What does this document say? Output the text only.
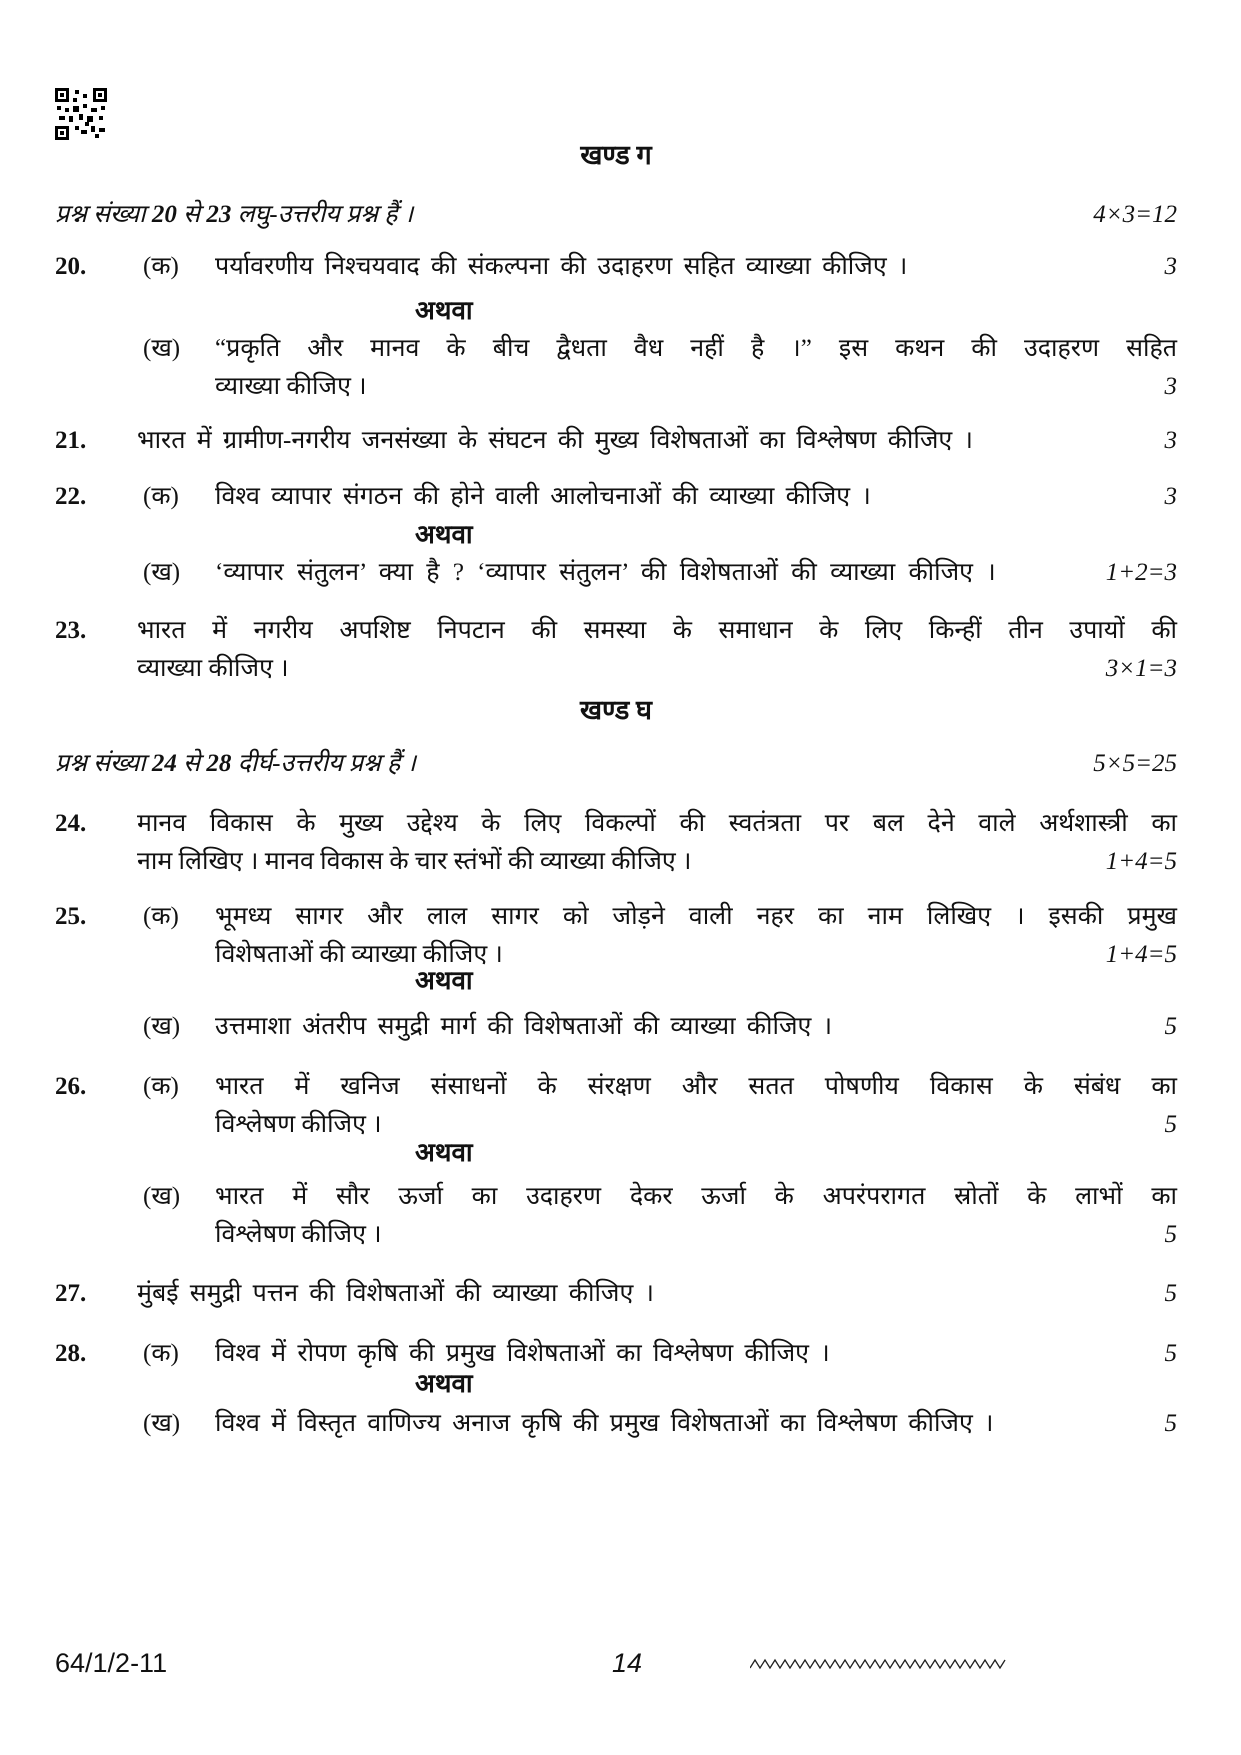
खण्ड ग
प्रश्न संख्या 20 से 23 लघु-उत्तरीय प्रश्न हैं ।	4×3=12
20.	(क)	पर्यावरणीय निश्चयवाद की संकल्पना की उदाहरण सहित व्याख्या कीजिए ।	3
अथवा
(ख)	“प्रकृति और मानव के बीच द्वैधता वैध नहीं है ।” इस कथन की उदाहरण सहित
व्याख्या कीजिए ।	3
21.	भारत में ग्रामीण-नगरीय जनसंख्या के संघटन की मुख्य विशेषताओं का विश्लेषण कीजिए ।	3
22.	(क)	विश्व व्यापार संगठन की होने वाली आलोचनाओं की व्याख्या कीजिए ।	3
अथवा
(ख)	‘व्यापार संतुलन’ क्या है ? ‘व्यापार संतुलन’ की विशेषताओं की व्याख्या कीजिए ।	1+2=3
23.	भारत में नगरीय अपशिष्ट निपटान की समस्या के समाधान के लिए किन्हीं तीन उपायों की
व्याख्या कीजिए ।	3×1=3
खण्ड घ
प्रश्न संख्या 24 से 28 दीर्घ-उत्तरीय प्रश्न हैं ।	5×5=25
24.	मानव विकास के मुख्य उद्देश्य के लिए विकल्पों की स्वतंत्रता पर बल देने वाले अर्थशास्त्री का
नाम लिखिए । मानव विकास के चार स्तंभों की व्याख्या कीजिए ।	1+4=5
25.	(क)	भूमध्य सागर और लाल सागर को जोड़ने वाली नहर का नाम लिखिए । इसकी प्रमुख
विशेषताओं की व्याख्या कीजिए ।	1+4=5
अथवा
(ख)	उत्तमाशा अंतरीप समुद्री मार्ग की विशेषताओं की व्याख्या कीजिए ।	5
26.	(क)	भारत में खनिज संसाधनों के संरक्षण और सतत पोषणीय विकास के संबंध का
विश्लेषण कीजिए ।	5
अथवा
(ख)	भारत में सौर ऊर्जा का उदाहरण देकर ऊर्जा के अपरंपरागत स्रोतों के लाभों का
विश्लेषण कीजिए ।	5
27.	मुंबई समुद्री पत्तन की विशेषताओं की व्याख्या कीजिए ।	5
28.	(क)	विश्व में रोपण कृषि की प्रमुख विशेषताओं का विश्लेषण कीजिए ।	5
अथवा
(ख)	विश्व में विस्तृत वाणिज्य अनाज कृषि की प्रमुख विशेषताओं का विश्लेषण कीजिए ।	5
64/1/2-11	14
